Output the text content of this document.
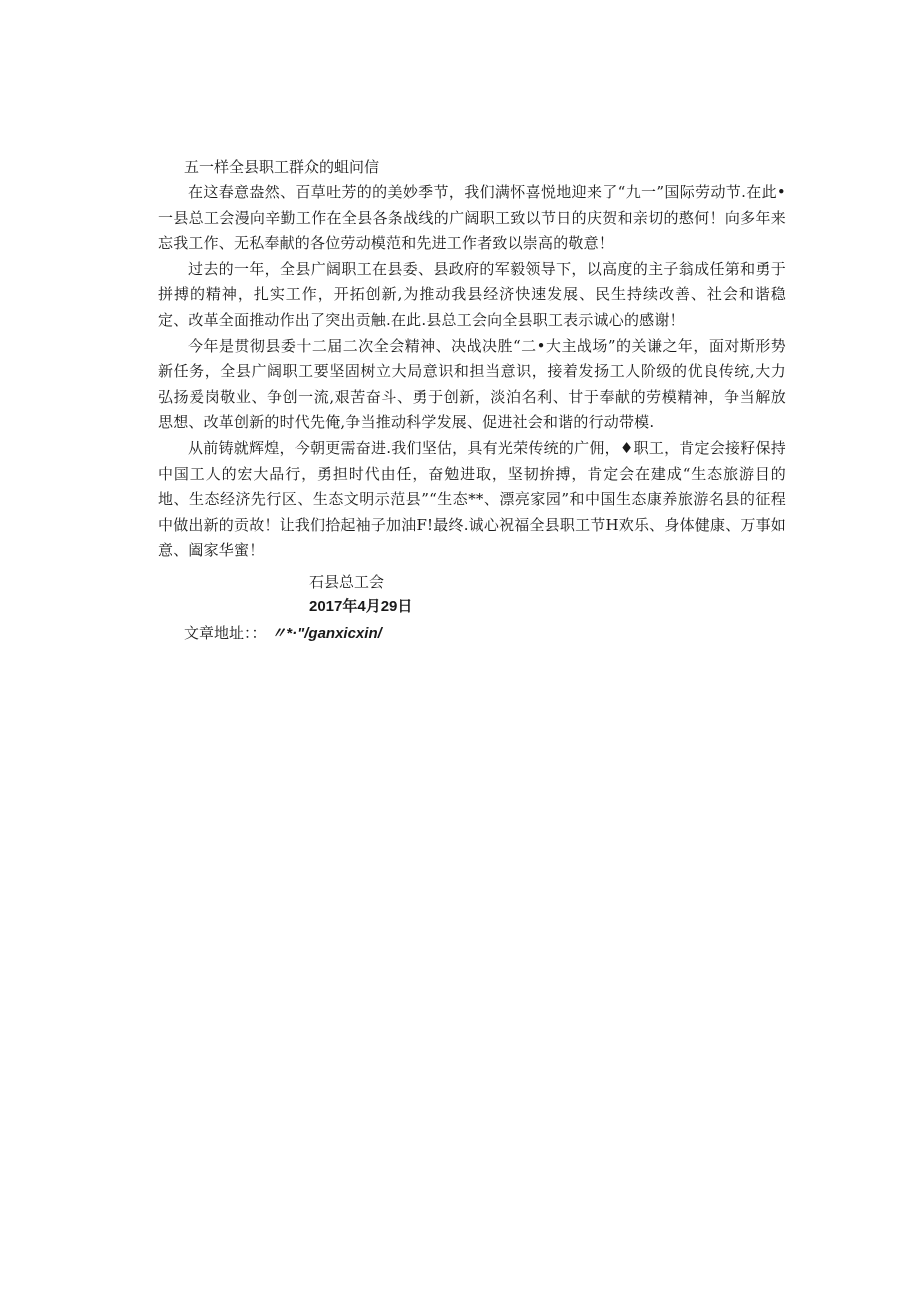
五一样全县职工群众的蛆问信

在这春意盎然、百草吐芳的的美妙季节，我们满怀喜悦地迎来了“九一”国际劳动节.在此•一县总工会漫向辛勤工作在全县各条战线的广阔职工致以节日的庆贺和亲切的憨何！向多年来忘我工作、无私奉献的各位劳动模范和先进工作者致以崇高的敬意！

过去的一年，全县广阔职工在县委、县政府的军毅领导下，以高度的主子翁成任第和勇于拼搏的精神，扎实工作，开拓创新,为推动我县经济快速发展、民生持续改善、社会和谐稳定、改革全面推动作出了突出贡触.在此.县总工会向全县职工表示诚心的感谢！

今年是贯彻县委十二届二次全会精神、决战决胜“二•大主战场”的关谦之年，面对斯形势新任务，全县广阔职工要坚固树立大局意识和担当意识，接着发扬工人阶级的优良传统,大力弘扬爰岗敬业、争创一流,艰苦奋斗、勇于创新，淡泊名利、甘于奉献的劳模精神，争当解放思想、改革创新的时代先俺,争当推动科学发展、促进社会和谐的行动带模.

从前铸就辉煌，今朝更需奋进.我们坚估，具有光荣传统的广佣，♦职工，肯定会接籽保持中国工人的宏大品行，勇担时代由任，奋勉进取，坚韧拚搏，肯定会在建成“生态旅游目的地、生态经济先行区、生态文明示范县”“生态**、漂亮家园”和中国生态康养旅游名县的征程中做出新的贡故！让我们拾起袖子加油F!最终.诚心祝福全县职工节H欢乐、身体健康、万事如意、阖家华蜜！

石县总工会
2017年4月29日
文章地址：： 〃*·"/ganxicxin/
